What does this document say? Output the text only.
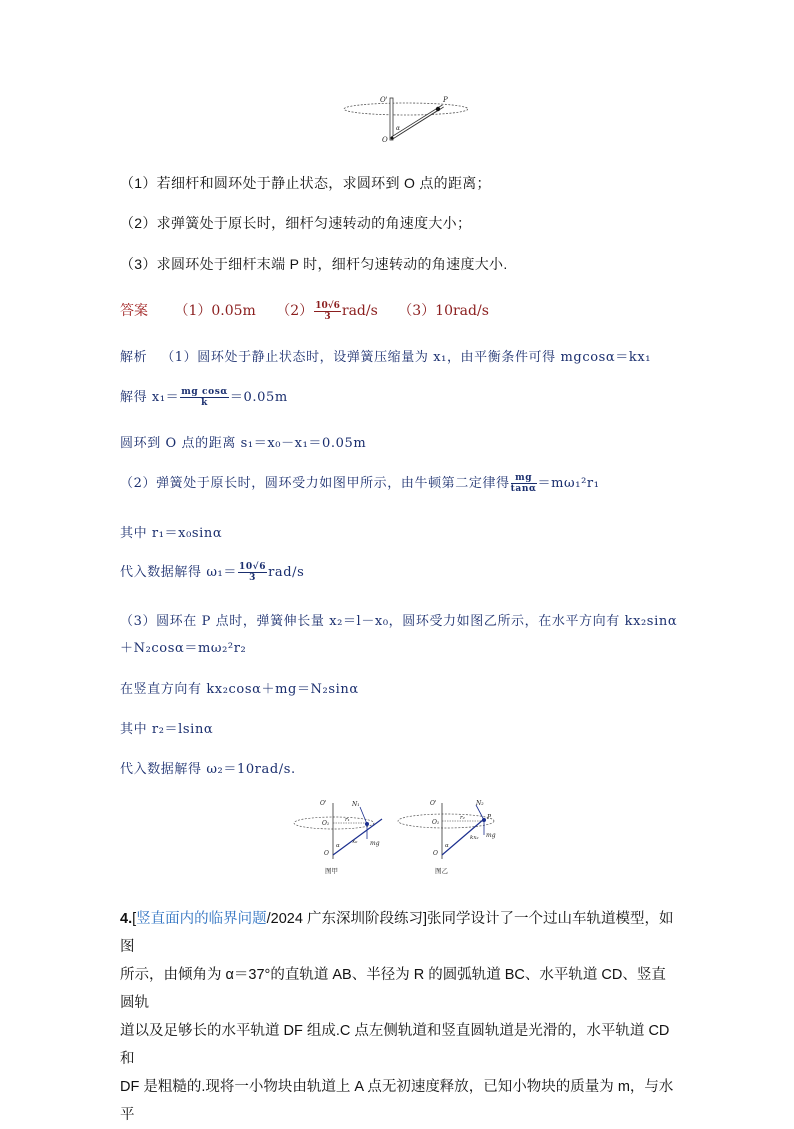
O'
O
α
P
（1）若细杆和圆环处于静止状态，求圆环到 O 点的距离；
（2）求弹簧处于原长时，细杆匀速转动的角速度大小；
（3）求圆环处于细杆末端 P 时，细杆匀速转动的角速度大小.
答案 （1）0.05m $(2) \frac{10√6}{3} rad/s$ （3）10rad/s
解析 （1）圆环处于静止状态时，设弹簧压缩量为 x₁，由平衡条件可得 mgcosα＝kx₁
解得 $x_1= \frac{\text{mg cosα}}{k} =0.05m$
圆环到 O 点的距离 s₁＝x₀－x₁＝0.05m
（2）弹簧处于原长时，圆环受力如图甲所示，由牛顿第二定律得 $\frac{mg}{\tan\alpha} =m\omega_1^2r_1$
其中 r₁＝x₀sinα
代入数据解得 $\omega_1= \frac{10√6}{3} rad/s$
（3）圆环在 P 点时，弹簧伸长量 x₂＝l－x₀，圆环受力如图乙所示，在水平方向有 kx₂sinα
＋N₂cosα＝mω₂²r₂
在竖直方向有 kx₂cosα＋mg＝N₂sinα
其中 r₂＝lsinα
代入数据解得 ω₂＝10rad/s.
O'
O₁	r₁
N₁
O
α
x₀ mg
图甲
O'
O₁
r₂
N₂
P
O
α
kx₂ mg
图乙

4.[竖直面内的临界问题/2024 广东深圳阶段练习]张同学设计了一个过山车轨道模型，如图

所示，由倾角为 α＝37°的直轨道 AB、半径为 R 的圆弧轨道 BC、水平轨道 CD、竖直圆轨

道以及足够长的水平轨道 DF 组成.C 点左侧轨道和竖直圆轨道是光滑的，水平轨道 CD 和

DF 是粗糙的.现将一小物块由轨道上 A 点无初速度释放，已知小物块的质量为 m，与水平
